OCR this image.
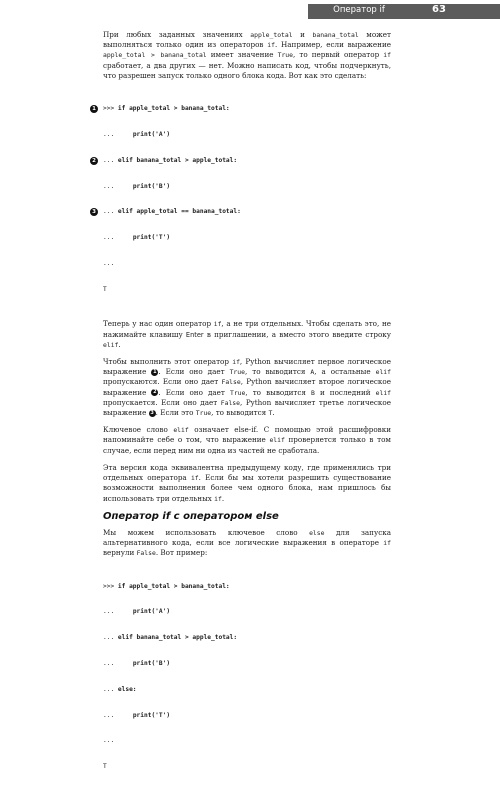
Оператор if	63

При любых заданных значениях apple_total и banana_total может выполняться только один из операторов if. Например, если выражение apple_total > banana_total имеет значение True, то первый оператор if сработает, а два других — нет. Можно написать код, чтобы подчеркнуть, что разрешен запуск только одного блока кода. Вот как это сделать:

1	>>> if apple_total > banana_total:

...     print('A')

2	... elif banana_total > apple_total:

...     print('B')

3	... elif apple_total == banana_total:

...     print('T')

...

T

Теперь у нас один оператор if, а не три отдельных. Чтобы сделать это, не нажимайте клавишу Enter в приглашении, а вместо этого введите строку elif.

Чтобы выполнить этот оператор if, Python вычисляет первое логическое выражение 1 . Если оно дает True, то выводится A, а остальные elif пропускаются. Если оно дает False, Python вычисляет второе логическое выражение 2 . Если оно дает True, то выводится B и последний elif пропускается. Если оно дает False, Python вычисляет третье логическое выражение 3 . Если это True, то выводится T.

Ключевое слово elif означает else-if. С помощью этой расшифровки напоминайте себе о том, что выражение elif проверяется только в том случае, если перед ним ни одна из частей не сработала.

Эта версия кода эквивалентна предыдущему коду, где применялись три отдельных оператора if. Если бы мы хотели разрешить существование возможности выполнения более чем одного блока, нам пришлось бы использовать три отдельных if.

Оператор if с оператором else

Мы можем использовать ключевое слово else для запуска альтернативного кода, если все логические выражения в операторе if вернули False. Вот пример:

>>> if apple_total > banana_total:

...     print('A')

... elif banana_total > apple_total:

...     print('B')

... else:

...     print('T')

...

T
